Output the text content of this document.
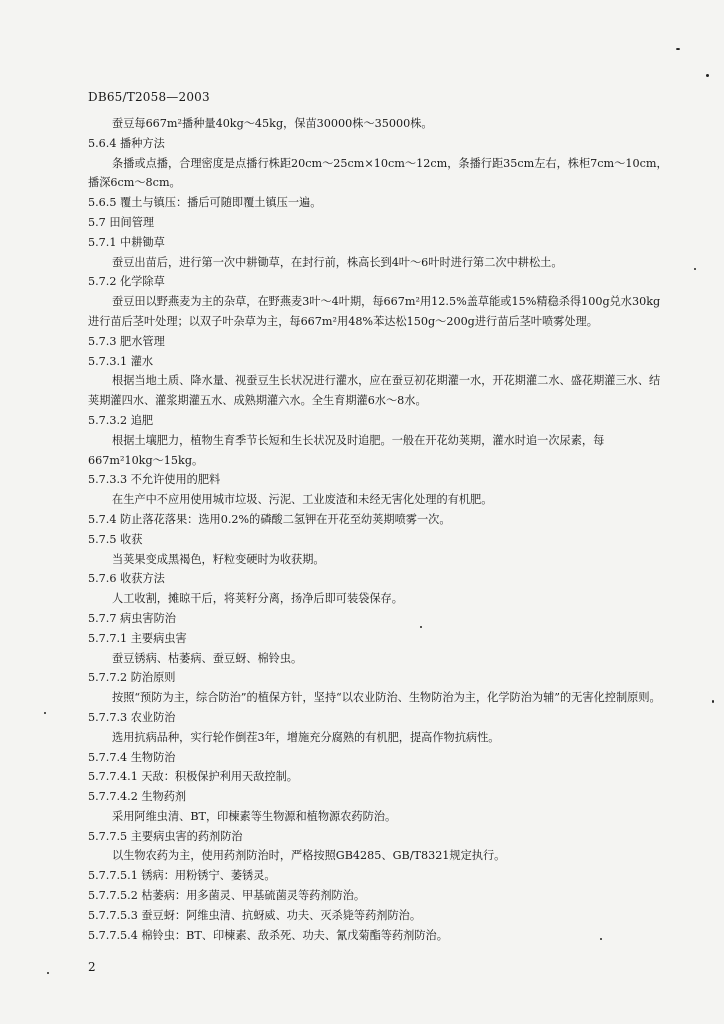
DB65/T2058—2003

蚕豆每667m²播种量40kg～45kg，保苗30000株～35000株。

5.6.4 播种方法

条播或点播，合理密度是点播行株距20cm～25cm×10cm～12cm，条播行距35cm左右，株柜7cm～10cm，播深6cm～8cm。

5.6.5 覆土与镇压：播后可随即覆土镇压一遍。

5.7 田间管理

5.7.1 中耕锄草

蚕豆出苗后，进行第一次中耕锄草，在封行前，株高长到4叶～6叶时进行第二次中耕松土。

5.7.2 化学除草

蚕豆田以野燕麦为主的杂草，在野燕麦3叶～4叶期，每667m²用12.5%盖草能或15%精稳杀得100g兑水30kg进行苗后茎叶处理；以双子叶杂草为主，每667m²用48%苯达松150g～200g进行苗后茎叶喷雾处理。

5.7.3 肥水管理

5.7.3.1 灌水

根据当地土质、降水量、视蚕豆生长状况进行灌水，应在蚕豆初花期灌一水，开花期灌二水、盛花期灌三水、结荚期灌四水、灌浆期灌五水、成熟期灌六水。全生育期灌6水～8水。

5.7.3.2 追肥

根据土壤肥力，植物生育季节长短和生长状况及时追肥。一般在开花幼荚期，灌水时追一次尿素，每667m²10kg～15kg。

5.7.3.3 不允许使用的肥料

在生产中不应用使用城市垃圾、污泥、工业废渣和未经无害化处理的有机肥。

5.7.4 防止落花落果：选用0.2%的磷酸二氢钾在开花至幼荚期喷雾一次。

5.7.5 收获

当荚果变成黑褐色，籽粒变硬时为收获期。

5.7.6 收获方法

人工收割，摊晾干后，将荚籽分离，扬净后即可装袋保存。

5.7.7 病虫害防治

5.7.7.1 主要病虫害

蚕豆锈病、枯萎病、蚕豆蚜、棉铃虫。

5.7.7.2 防治原则

按照“预防为主，综合防治”的植保方针，坚持“以农业防治、生物防治为主，化学防治为辅”的无害化控制原则。

5.7.7.3 农业防治

选用抗病品种，实行轮作倒茬3年，增施充分腐熟的有机肥，提高作物抗病性。

5.7.7.4 生物防治

5.7.7.4.1 天敌：积极保护利用天敌控制。

5.7.7.4.2 生物药剂

采用阿维虫清、BT，印楝素等生物源和植物源农药防治。

5.7.7.5 主要病虫害的药剂防治

以生物农药为主，使用药剂防治时，严格按照GB4285、GB/T8321规定执行。

5.7.7.5.1 锈病：用粉锈宁、萎锈灵。

5.7.7.5.2 枯萎病：用多菌灵、甲基硫菌灵等药剂防治。

5.7.7.5.3 蚕豆蚜：阿维虫清、抗蚜威、功夫、灭杀毙等药剂防治。

5.7.7.5.4 棉铃虫：BT、印楝素、敌杀死、功夫、氰戊菊酯等药剂防治。

2
